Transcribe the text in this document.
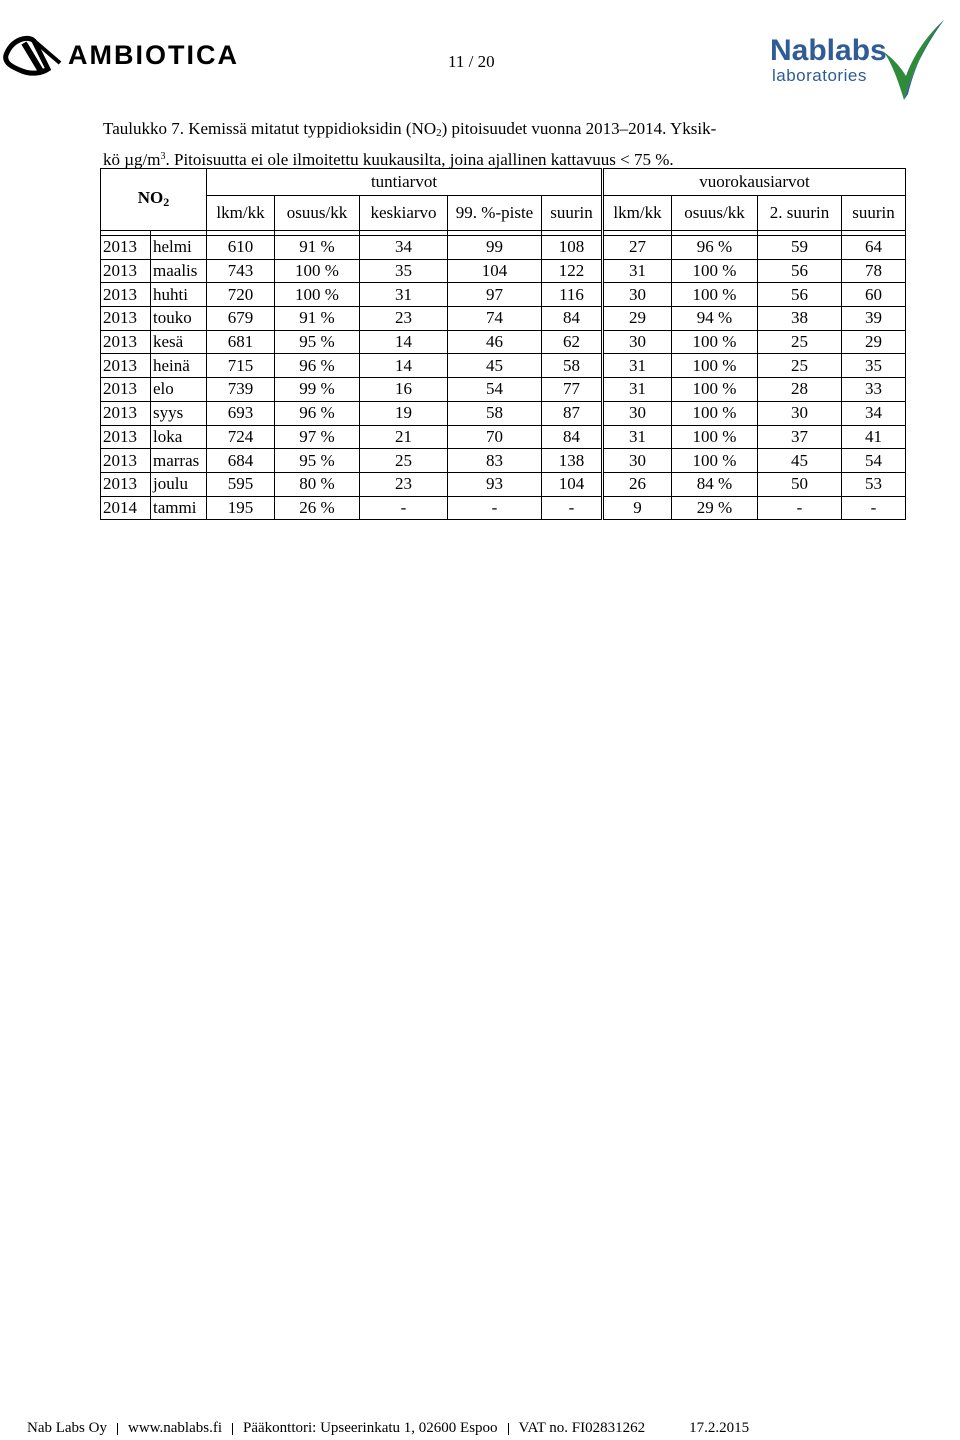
AMBIOTICA	11 / 20	Nablabs
laboratories
Taulukko 7. Kemissä mitatut typpidioksidin $(NO_2)$ pitoisuudet vuonna 2013–2014. Yksik-
kö $\mu g/m^3$. Pitoisuutta ei ole ilmoitettu kuukausilta, joina ajallinen kattavuus < 75 %.
$NO_2$		tuntiarvot					vuorokausiarvot			
		lkm/kk	osuus/kk	keskiarvo	99. %-piste	suurin	lkm/kk	osuus/kk	2. suurin	suurin

2013	helmi	610	91 %	34	99	108	27	96 %	59	64
2013	maalis	743	100 %	35	104	122	31	100 %	56	78
2013	huhti	720	100 %	31	97	116	30	100 %	56	60
2013	touko	679	91 %	23	74	84	29	94 %	38	39
2013	kesä	681	95 %	14	46	62	30	100 %	25	29
2013	heinä	715	96 %	14	45	58	31	100 %	25	35
2013	elo	739	99 %	16	54	77	31	100 %	28	33
2013	syys	693	96 %	19	58	87	30	100 %	30	34
2013	loka	724	97 %	21	70	84	31	100 %	37	41
2013	marras	684	95 %	25	83	138	30	100 %	45	54
2013	joulu	595	80 %	23	93	104	26	84 %	50	53
2014	tammi	195	26 %	-	-	-	9	29 %	-	-
Nab Labs Oy www.nablabs.fi Pääkonttori: Upseerinkatu 1, 02600 Espoo VAT no. FI02831262	17.2.2015
